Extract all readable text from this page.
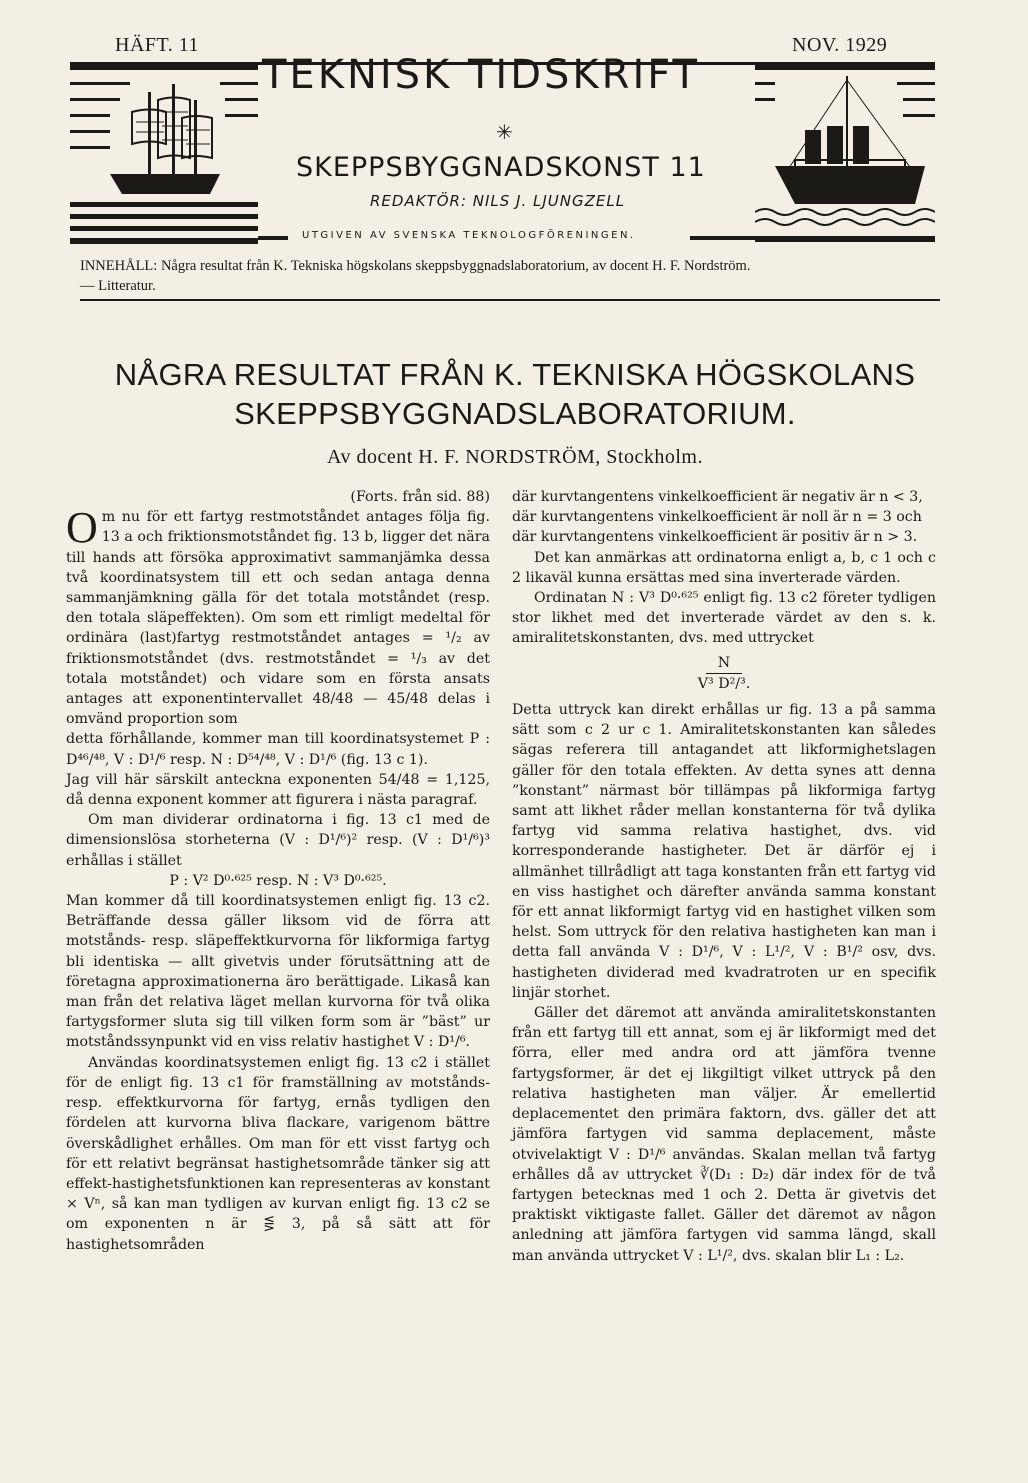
HÄFT. 11	NOV. 1929
TEKNISK TIDSKRIFT
✳
SKEPPSBYGGNADSKONST 11
REDAKTÖR: NILS J. LJUNGZELL
UTGIVEN AV SVENSKA TEKNOLOGFÖRENINGEN.
INNEHÅLL: Några resultat från K. Tekniska högskolans skeppsbyggnadslaboratorium, av docent H. F. Nordström.
— Litteratur.
NÅGRA RESULTAT FRÅN K. TEKNISKA HÖGSKOLANS
SKEPPSBYGGNADSLABORATORIUM.
Av docent H. F. NORDSTRÖM, Stockholm.

(Forts. från sid. 88)

Om nu för ett fartyg restmotståndet antages följa fig. 13 a och friktionsmotståndet fig. 13 b, ligger det nära till hands att försöka approximativt sammanjämka dessa två koordinatsystem till ett och sedan antaga denna sammanjämkning gälla för det totala motståndet (resp. den totala släpeffekten). Om som ett rimligt medeltal för ordinära (last)fartyg restmotståndet antages = ¹/₂ av friktionsmotståndet (dvs. restmotståndet = ¹/₃ av det totala motståndet) och vidare som en första ansats antages att exponentintervallet 48/48 — 45/48 delas i omvänd proportion som

detta förhållande, kommer man till koordinatsystemet P : D⁴⁶/⁴⁸, V : D¹/⁶ resp. N : D⁵⁴/⁴⁸, V : D¹/⁶ (fig. 13 c 1).

Jag vill här särskilt anteckna exponenten 54/48 = 1,125, då denna exponent kommer att figurera i nästa paragraf.

Om man dividerar ordinatorna i fig. 13 c1 med de dimensionslösa storheterna (V : D¹/⁶)² resp. (V : D¹/⁶)³ erhållas i stället

P : V² D⁰·⁶²⁵ resp. N : V³ D⁰·⁶²⁵.

Man kommer då till koordinatsystemen enligt fig. 13 c2. Beträffande dessa gäller liksom vid de förra att motstånds- resp. släpeffektkurvorna för likformiga fartyg bli identiska — allt givetvis under förutsättning att de företagna approximationerna äro berättigade. Likaså kan man från det relativa läget mellan kurvorna för två olika fartygsformer sluta sig till vilken form som är ”bäst” ur motståndssynpunkt vid en viss relativ hastighet V : D¹/⁶.

Användas koordinatsystemen enligt fig. 13 c2 i stället för de enligt fig. 13 c1 för framställning av motstånds- resp. effektkurvorna för fartyg, ernås tydligen den fördelen att kurvorna bliva flackare, varigenom bättre överskådlighet erhålles. Om man för ett visst fartyg och för ett relativt begränsat hastighetsområde tänker sig att effekt-hastighetsfunktionen kan representeras av konstant × Vⁿ, så kan man tydligen av kurvan enligt fig. 13 c2 se om exponenten n är ⋚ 3, på så sätt att för hastighetsområden

där kurvtangentens vinkelkoefficient är negativ är n < 3,

där kurvtangentens vinkelkoefficient är noll är n = 3 och

där kurvtangentens vinkelkoefficient är positiv är n > 3.

Det kan anmärkas att ordinatorna enligt a, b, c 1 och c 2 likaväl kunna ersättas med sina inverterade värden.

Ordinatan N : V³ D⁰·⁶²⁵ enligt fig. 13 c2 företer tydligen stor likhet med det inverterade värdet av den s. k. amiralitetskonstanten, dvs. med uttrycket

N
V³ D²/³.

Detta uttryck kan direkt erhållas ur fig. 13 a på samma sätt som c 2 ur c 1. Amiralitetskonstanten kan således sägas referera till antagandet att likformighetslagen gäller för den totala effekten. Av detta synes att denna ”konstant” närmast bör tillämpas på likformiga fartyg samt att likhet råder mellan konstanterna för två dylika fartyg vid samma relativa hastighet, dvs. vid korresponderande hastigheter. Det är därför ej i allmänhet tillrådligt att taga konstanten från ett fartyg vid en viss hastighet och därefter använda samma konstant för ett annat likformigt fartyg vid en hastighet vilken som helst. Som uttryck för den relativa hastigheten kan man i detta fall använda V : D¹/⁶, V : L¹/², V : B¹/² osv, dvs. hastigheten dividerad med kvadratroten ur en specifik linjär storhet.

Gäller det däremot att använda amiralitetskonstanten från ett fartyg till ett annat, som ej är likformigt med det förra, eller med andra ord att jämföra tvenne fartygsformer, är det ej likgiltigt vilket uttryck på den relativa hastigheten man väljer. Är emellertid deplacementet den primära faktorn, dvs. gäller det att jämföra fartygen vid samma deplacement, måste otvivelaktigt V : D¹/⁶ användas. Skalan mellan två fartyg erhålles då av uttrycket ∛(D₁ : D₂) där index för de två fartygen betecknas med 1 och 2. Detta är givetvis det praktiskt viktigaste fallet. Gäller det däremot av någon anledning att jämföra fartygen vid samma längd, skall man använda uttrycket V : L¹/², dvs. skalan blir L₁ : L₂.
